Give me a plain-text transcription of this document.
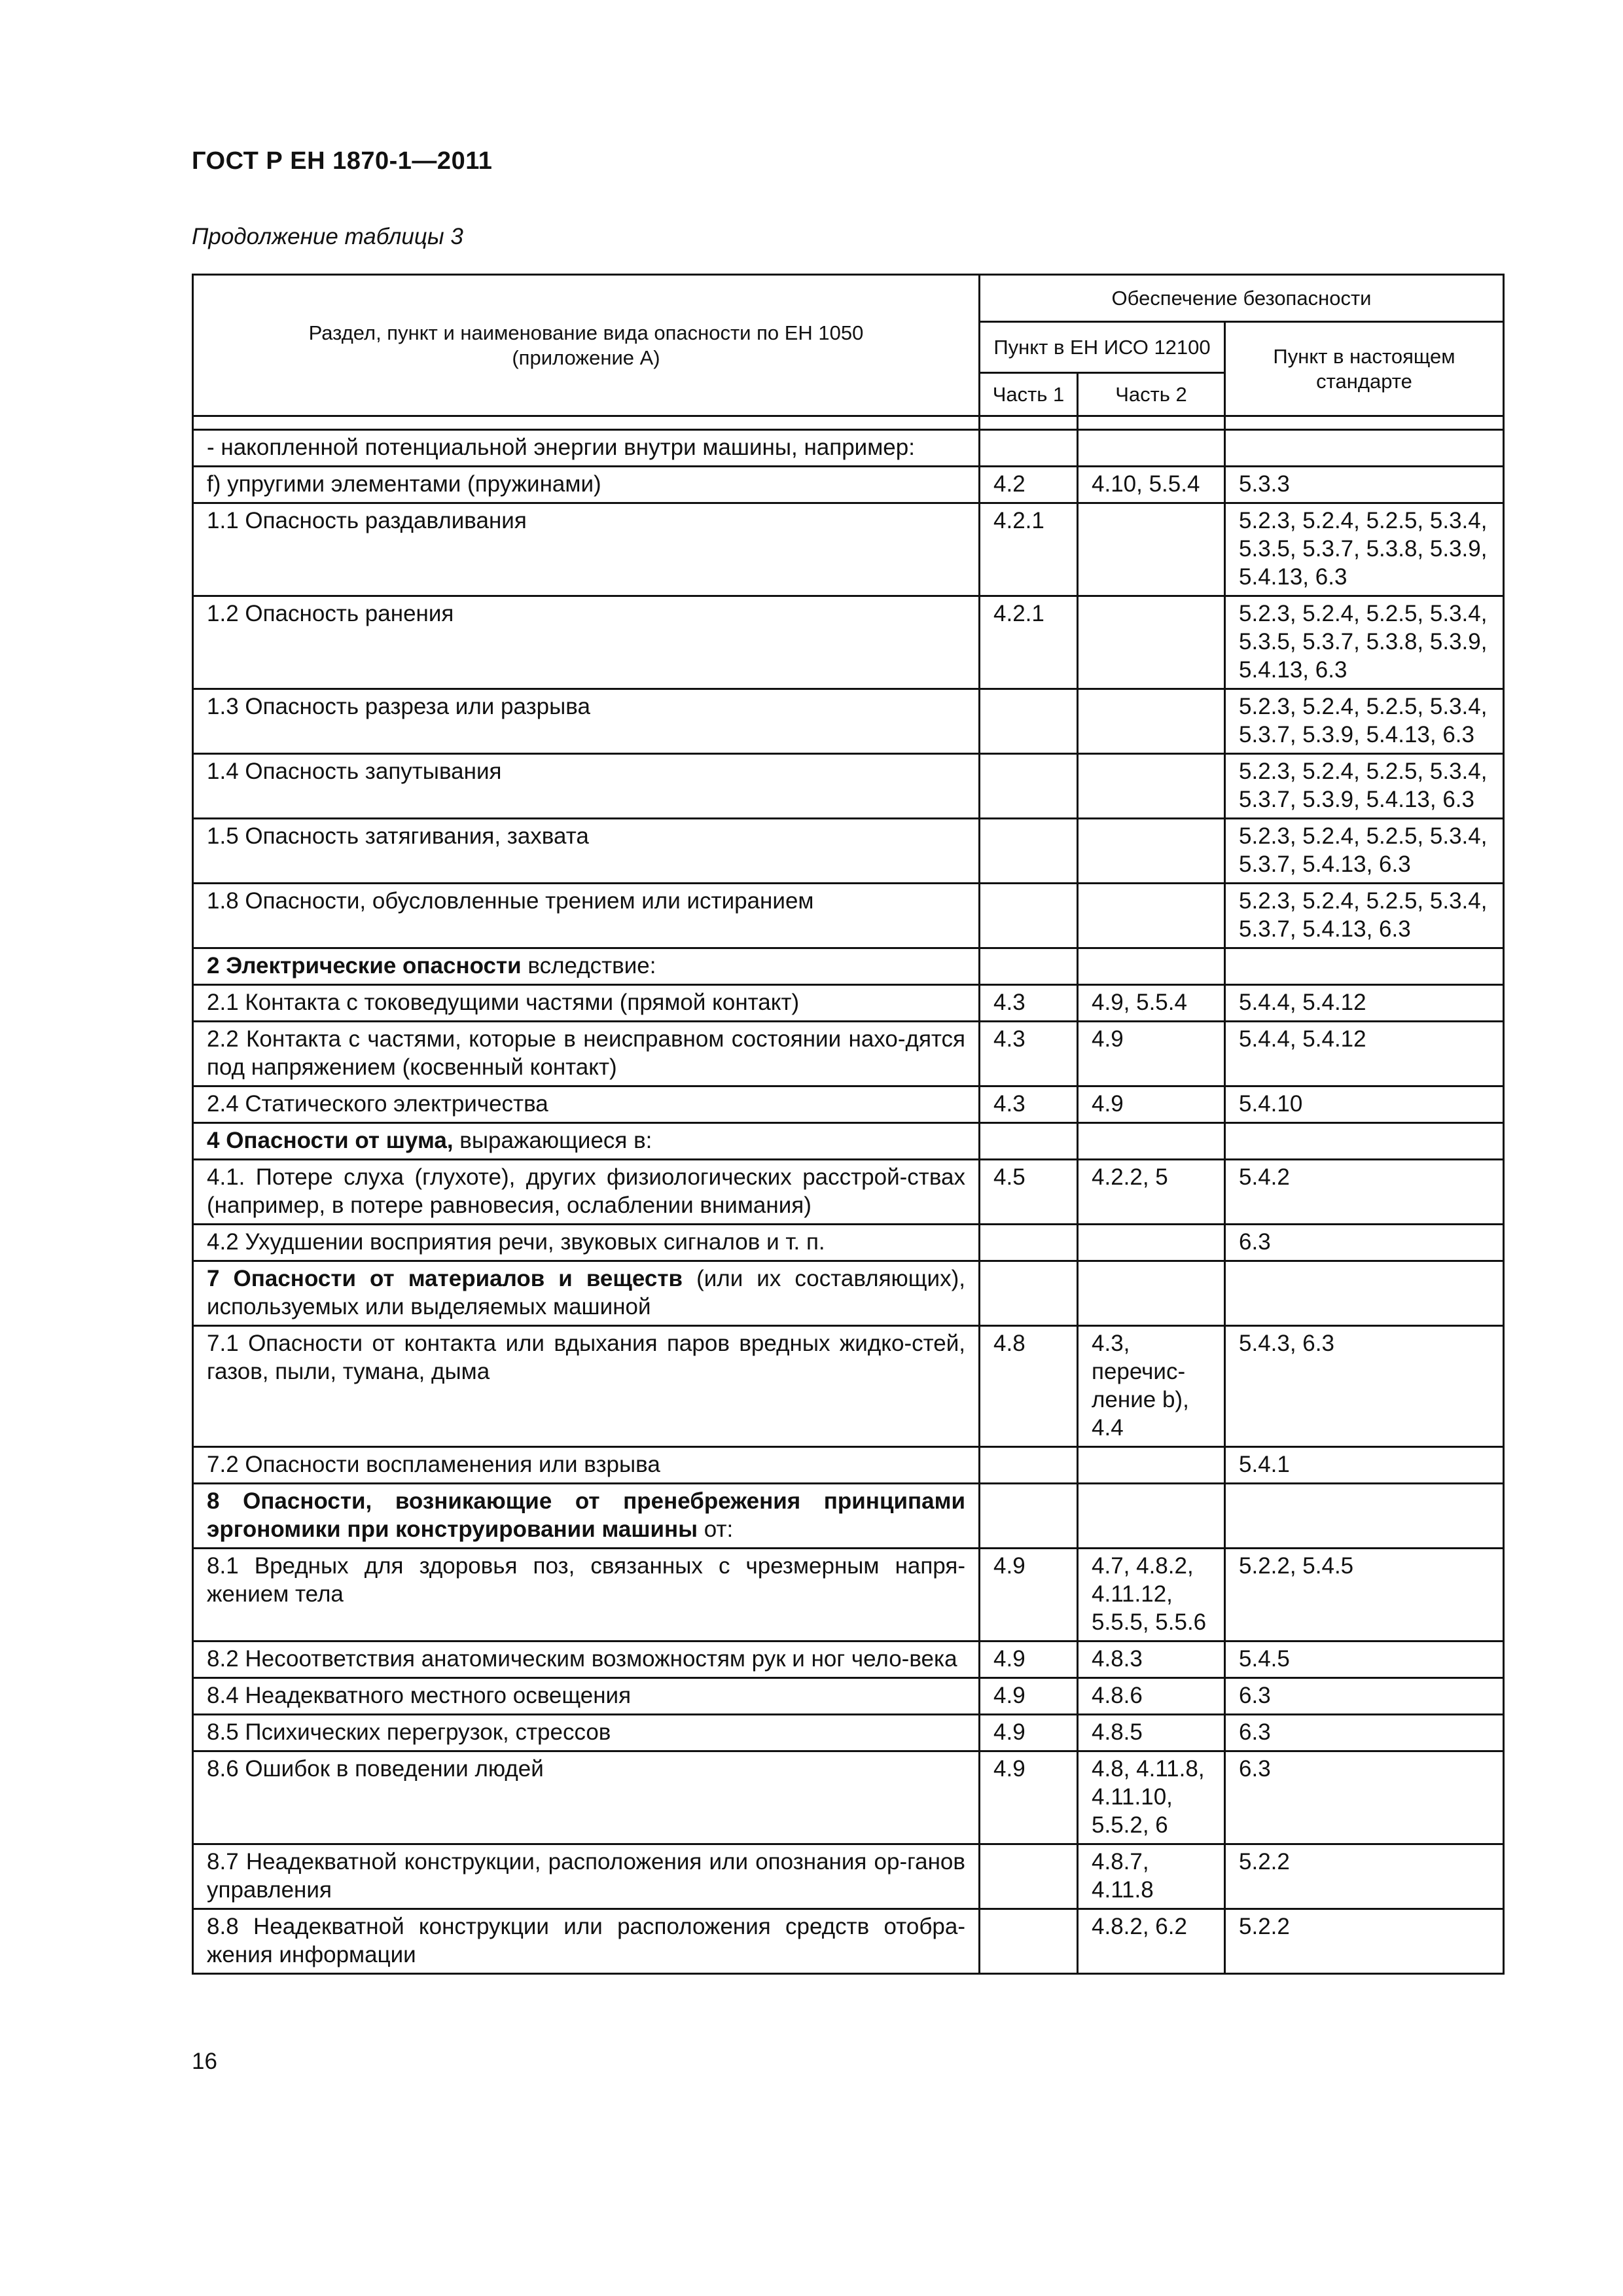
ГОСТ Р ЕН 1870-1—2011
Продолжение таблицы 3
Раздел, пункт и наименование вида опасности по ЕН 1050 (приложение А)	Обеспечение безопасности		
	Пункт в ЕН ИСО 12100		Пункт в настоящем стандарте
	Часть 1	Часть 2	

- накопленной потенциальной энергии внутри машины, например:			
f) упругими элементами (пружинами)	4.2	4.10, 5.5.4	5.3.3
1.1 Опасность раздавливания	4.2.1		5.2.3, 5.2.4, 5.2.5, 5.3.4, 5.3.5, 5.3.7, 5.3.8, 5.3.9, 5.4.13, 6.3
1.2 Опасность ранения	4.2.1		5.2.3, 5.2.4, 5.2.5, 5.3.4, 5.3.5, 5.3.7, 5.3.8, 5.3.9, 5.4.13, 6.3
1.3 Опасность разреза или разрыва			5.2.3, 5.2.4, 5.2.5, 5.3.4, 5.3.7, 5.3.9, 5.4.13, 6.3
1.4 Опасность запутывания			5.2.3, 5.2.4, 5.2.5, 5.3.4, 5.3.7, 5.3.9, 5.4.13, 6.3
1.5 Опасность затягивания, захвата			5.2.3, 5.2.4, 5.2.5, 5.3.4, 5.3.7, 5.4.13, 6.3
1.8 Опасности, обусловленные трением или истиранием			5.2.3, 5.2.4, 5.2.5, 5.3.4, 5.3.7, 5.4.13, 6.3
2 Электрические опасности вследствие:			
2.1 Контакта с токоведущими частями (прямой контакт)	4.3	4.9, 5.5.4	5.4.4, 5.4.12
2.2 Контакта с частями, которые в неисправном состоянии нахо-дятся под напряжением (косвенный контакт)	4.3	4.9	5.4.4, 5.4.12
2.4 Статического электричества	4.3	4.9	5.4.10
4 Опасности от шума, выражающиеся в:			
4.1. Потере слуха (глухоте), других физиологических расстрой-ствах (например, в потере равновесия, ослаблении внимания)	4.5	4.2.2, 5	5.4.2
4.2 Ухудшении восприятия речи, звуковых сигналов и т. п.			6.3
7 Опасности от материалов и веществ (или их составляющих), используемых или выделяемых машиной			
7.1 Опасности от контакта или вдыхания паров вредных жидко-стей, газов, пыли, тумана, дыма	4.8	4.3, перечис-ление b), 4.4	5.4.3, 6.3
7.2 Опасности воспламенения или взрыва			5.4.1
8 Опасности, возникающие от пренебрежения принципами эргономики при конструировании машины от:			
8.1 Вредных для здоровья поз, связанных с чрезмерным напря-жением тела	4.9	4.7, 4.8.2, 4.11.12, 5.5.5, 5.5.6	5.2.2, 5.4.5
8.2 Несоответствия анатомическим возможностям рук и ног чело-века	4.9	4.8.3	5.4.5
8.4 Неадекватного местного освещения	4.9	4.8.6	6.3
8.5 Психических перегрузок, стрессов	4.9	4.8.5	6.3
8.6 Ошибок в поведении людей	4.9	4.8, 4.11.8, 4.11.10, 5.5.2, 6	6.3
8.7 Неадекватной конструкции, расположения или опознания ор-ганов управления		4.8.7, 4.11.8	5.2.2
8.8 Неадекватной конструкции или расположения средств отобра-жения информации		4.8.2, 6.2	5.2.2
16
